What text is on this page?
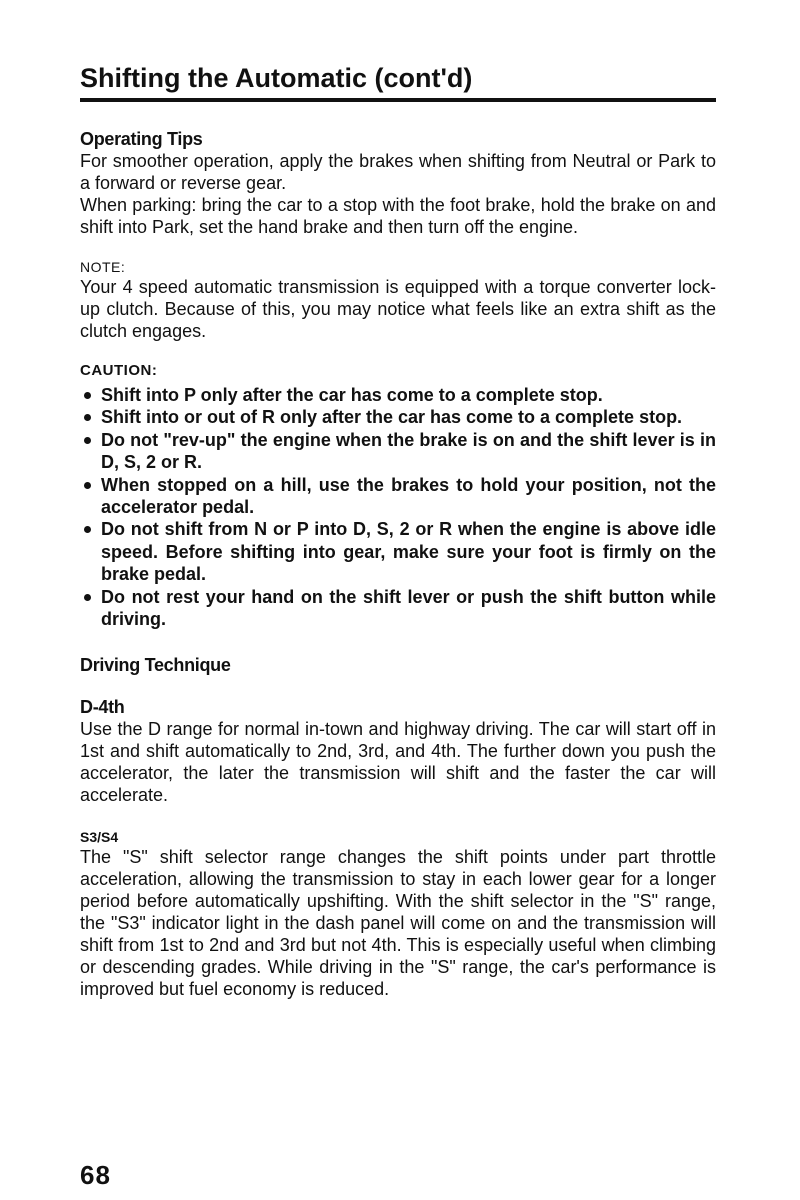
Shifting the Automatic (cont'd)
Operating Tips

For smoother operation, apply the brakes when shifting from Neutral or Park to a forward or reverse gear.

When parking: bring the car to a stop with the foot brake, hold the brake on and shift into Park, set the hand brake and then turn off the engine.

NOTE:

Your 4 speed automatic transmission is equipped with a torque converter lock-up clutch. Because of this, you may notice what feels like an extra shift as the clutch engages.

CAUTION:
Shift into P only after the car has come to a complete stop.
Shift into or out of R only after the car has come to a complete stop.
Do not "rev-up" the engine when the brake is on and the shift lever is in D, S, 2 or R.
When stopped on a hill, use the brakes to hold your position, not the accelerator pedal.
Do not shift from N or P into D, S, 2 or R when the engine is above idle speed. Before shifting into gear, make sure your foot is firmly on the brake pedal.
Do not rest your hand on the shift lever or push the shift button while driving.
Driving Technique
D-4th

Use the D range for normal in-town and highway driving. The car will start off in 1st and shift automatically to 2nd, 3rd, and 4th. The further down you push the accelerator, the later the transmission will shift and the faster the car will accelerate.

S3/S4

The "S" shift selector range changes the shift points under part throttle acceleration, allowing the transmission to stay in each lower gear for a longer period before automatically upshifting. With the shift selector in the "S" range, the "S3" indicator light in the dash panel will come on and the transmission will shift from 1st to 2nd and 3rd but not 4th. This is especially useful when climbing or descending grades. While driving in the "S" range, the car's performance is improved but fuel economy is reduced.

68
